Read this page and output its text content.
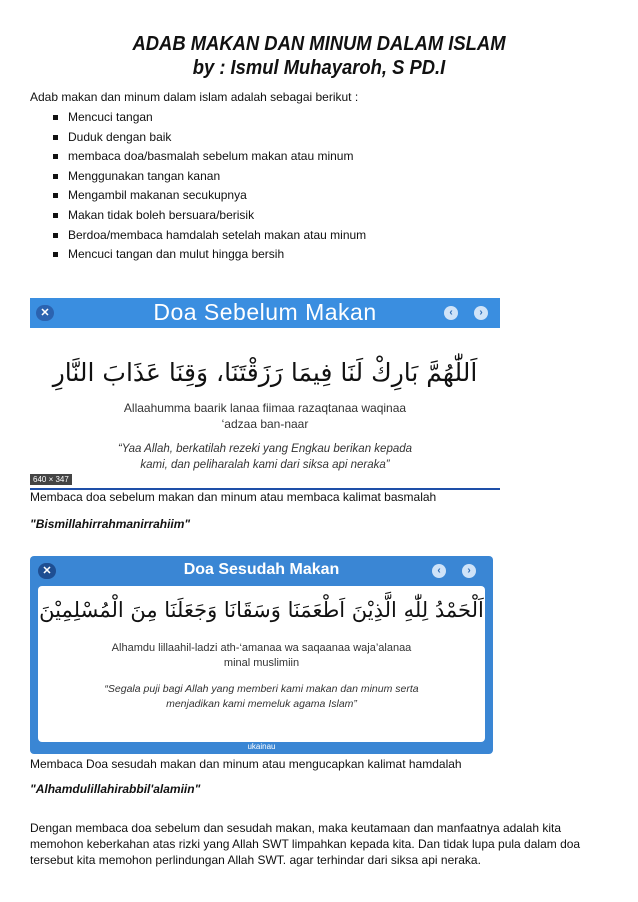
ADAB MAKAN DAN MINUM DALAM ISLAM
by : Ismul Muhayaroh, S PD.I
Adab makan dan minum dalam islam adalah sebagai berikut :
Mencuci tangan
Duduk dengan baik
membaca doa/basmalah sebelum makan atau minum
Menggunakan tangan kanan
Mengambil makanan secukupnya
Makan tidak boleh bersuara/berisik
Berdoa/membaca hamdalah setelah makan atau minum
Mencuci tangan dan mulut hingga bersih
✕	Doa Sebelum Makan	‹	›
اَللّٰهُمَّ بَارِكْ لَنَا فِيمَا رَزَقْتَنَا، وَقِنَا عَذَابَ النَّارِ
Allaahumma baarik lanaa fiimaa razaqtanaa waqinaa
‘adzaa ban-naar
“Yaa Allah, berkatilah rezeki yang Engkau berikan kepada
kami, dan peliharalah kami dari siksa api neraka”
640 × 347
Membaca doa sebelum makan dan minum atau membaca kalimat basmalah
"Bismillahirrahmanirrahiim"
✕	Doa Sesudah Makan	‹	›
اَلْحَمْدُ لِلّٰهِ الَّذِيْنَ اَطْعَمَنَا وَسَقَانَا وَجَعَلَنَا مِنَ الْمُسْلِمِيْنَ
Alhamdu lillaahil-ladzi ath-‘amanaa wa saqaanaa waja’alanaa
minal muslimiin
“Segala puji bagi Allah yang memberi kami makan dan minum serta
menjadikan kami memeluk agama Islam”
ukainau
Membaca Doa sesudah makan dan minum atau mengucapkan kalimat hamdalah
"Alhamdulillahirabbil'alamiin"
Dengan membaca doa sebelum dan sesudah makan, maka keutamaan dan manfaatnya adalah kita memohon keberkahan atas rizki yang Allah SWT limpahkan kepada kita. Dan tidak lupa pula dalam doa tersebut kita memohon perlindungan Allah SWT. agar terhindar dari siksa api neraka.
